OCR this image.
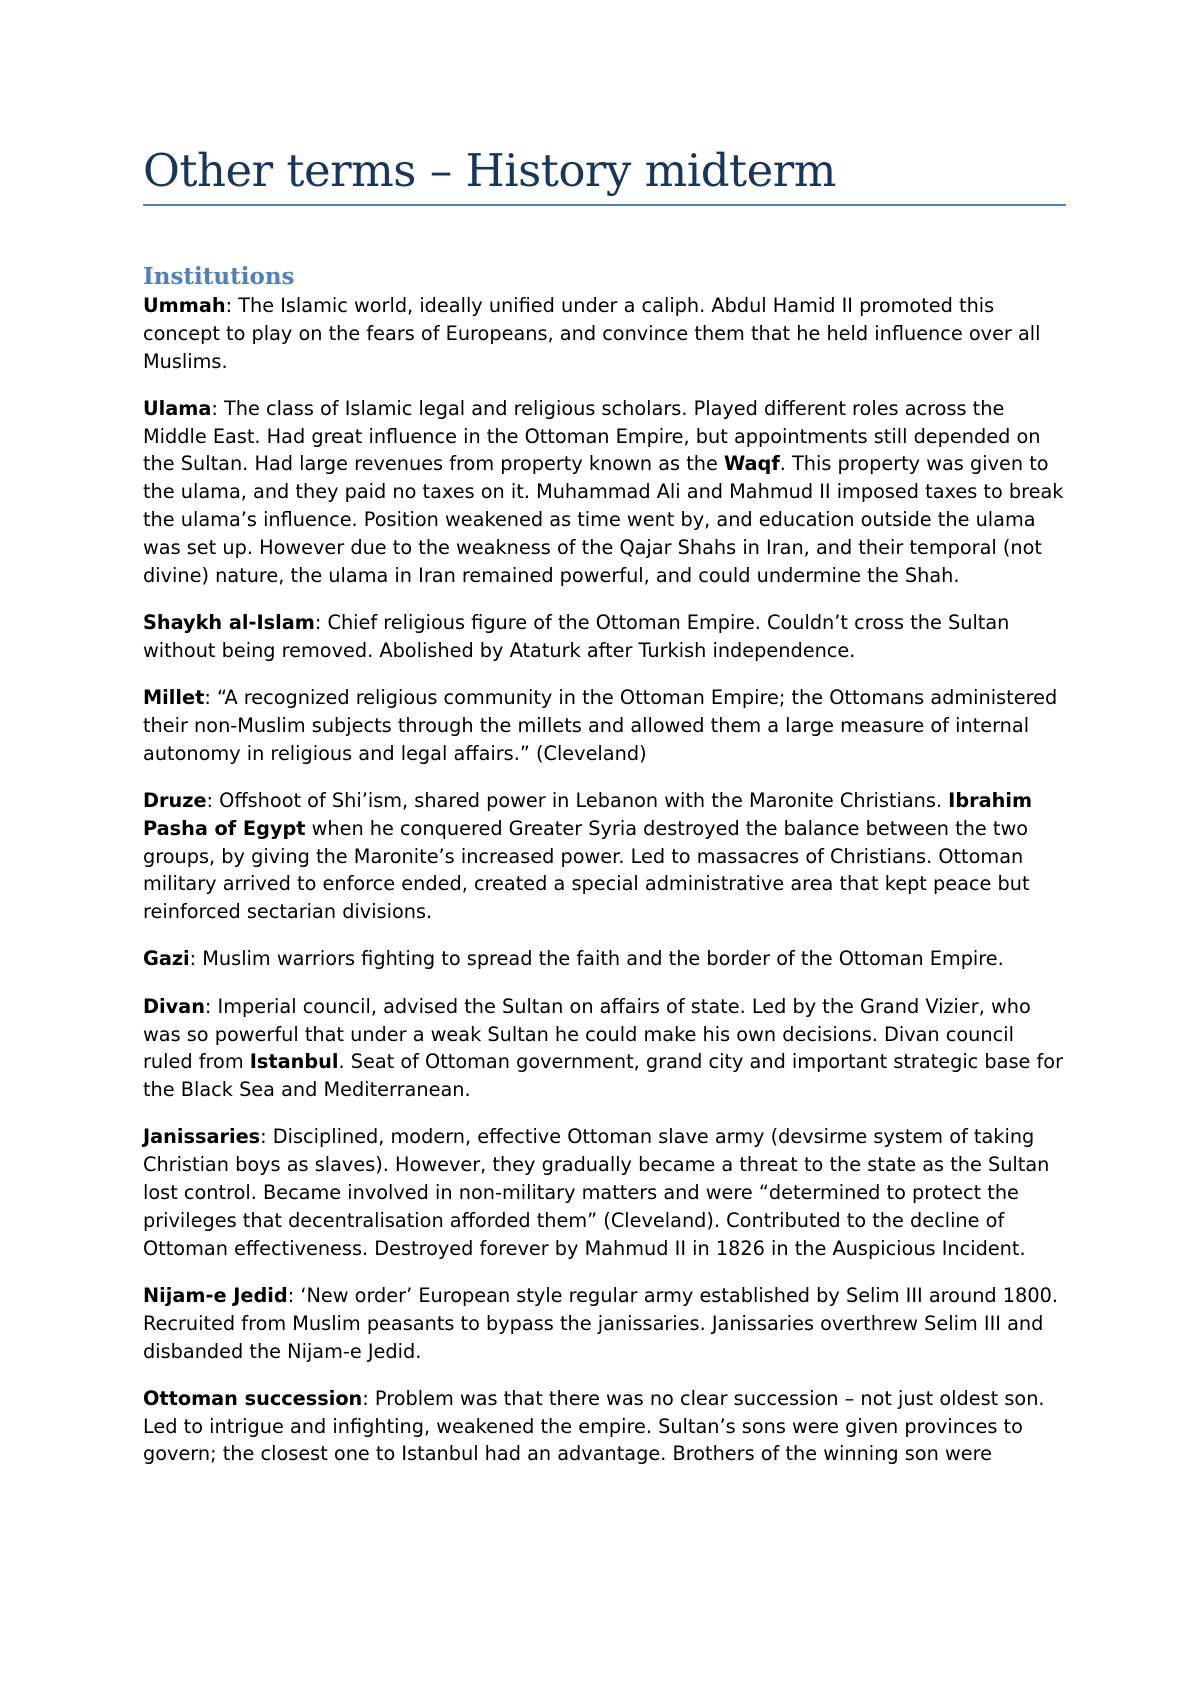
Other terms – History midterm
Institutions

Ummah: The Islamic world, ideally unified under a caliph. Abdul Hamid II promoted this concept to play on the fears of Europeans, and convince them that he held influence over all Muslims.

Ulama: The class of Islamic legal and religious scholars. Played different roles across the Middle East. Had great influence in the Ottoman Empire, but appointments still depended on the Sultan. Had large revenues from property known as the Waqf. This property was given to the ulama, and they paid no taxes on it. Muhammad Ali and Mahmud II imposed taxes to break the ulama’s influence. Position weakened as time went by, and education outside the ulama was set up. However due to the weakness of the Qajar Shahs in Iran, and their temporal (not divine) nature, the ulama in Iran remained powerful, and could undermine the Shah.

Shaykh al-Islam: Chief religious figure of the Ottoman Empire. Couldn’t cross the Sultan without being removed. Abolished by Ataturk after Turkish independence.

Millet: “A recognized religious community in the Ottoman Empire; the Ottomans administered their non-Muslim subjects through the millets and allowed them a large measure of internal autonomy in religious and legal affairs.” (Cleveland)

Druze: Offshoot of Shi’ism, shared power in Lebanon with the Maronite Christians. Ibrahim Pasha of Egypt when he conquered Greater Syria destroyed the balance between the two groups, by giving the Maronite’s increased power. Led to massacres of Christians. Ottoman military arrived to enforce ended, created a special administrative area that kept peace but reinforced sectarian divisions.

Gazi: Muslim warriors fighting to spread the faith and the border of the Ottoman Empire.

Divan: Imperial council, advised the Sultan on affairs of state. Led by the Grand Vizier, who was so powerful that under a weak Sultan he could make his own decisions. Divan council ruled from Istanbul. Seat of Ottoman government, grand city and important strategic base for the Black Sea and Mediterranean.

Janissaries: Disciplined, modern, effective Ottoman slave army (devsirme system of taking Christian boys as slaves). However, they gradually became a threat to the state as the Sultan lost control. Became involved in non-military matters and were “determined to protect the privileges that decentralisation afforded them” (Cleveland). Contributed to the decline of Ottoman effectiveness. Destroyed forever by Mahmud II in 1826 in the Auspicious Incident.

Nijam-e Jedid: ‘New order’ European style regular army established by Selim III around 1800. Recruited from Muslim peasants to bypass the janissaries. Janissaries overthrew Selim III and disbanded the Nijam-e Jedid.

Ottoman succession: Problem was that there was no clear succession – not just oldest son. Led to intrigue and infighting, weakened the empire. Sultan’s sons were given provinces to govern; the closest one to Istanbul had an advantage. Brothers of the winning son were
